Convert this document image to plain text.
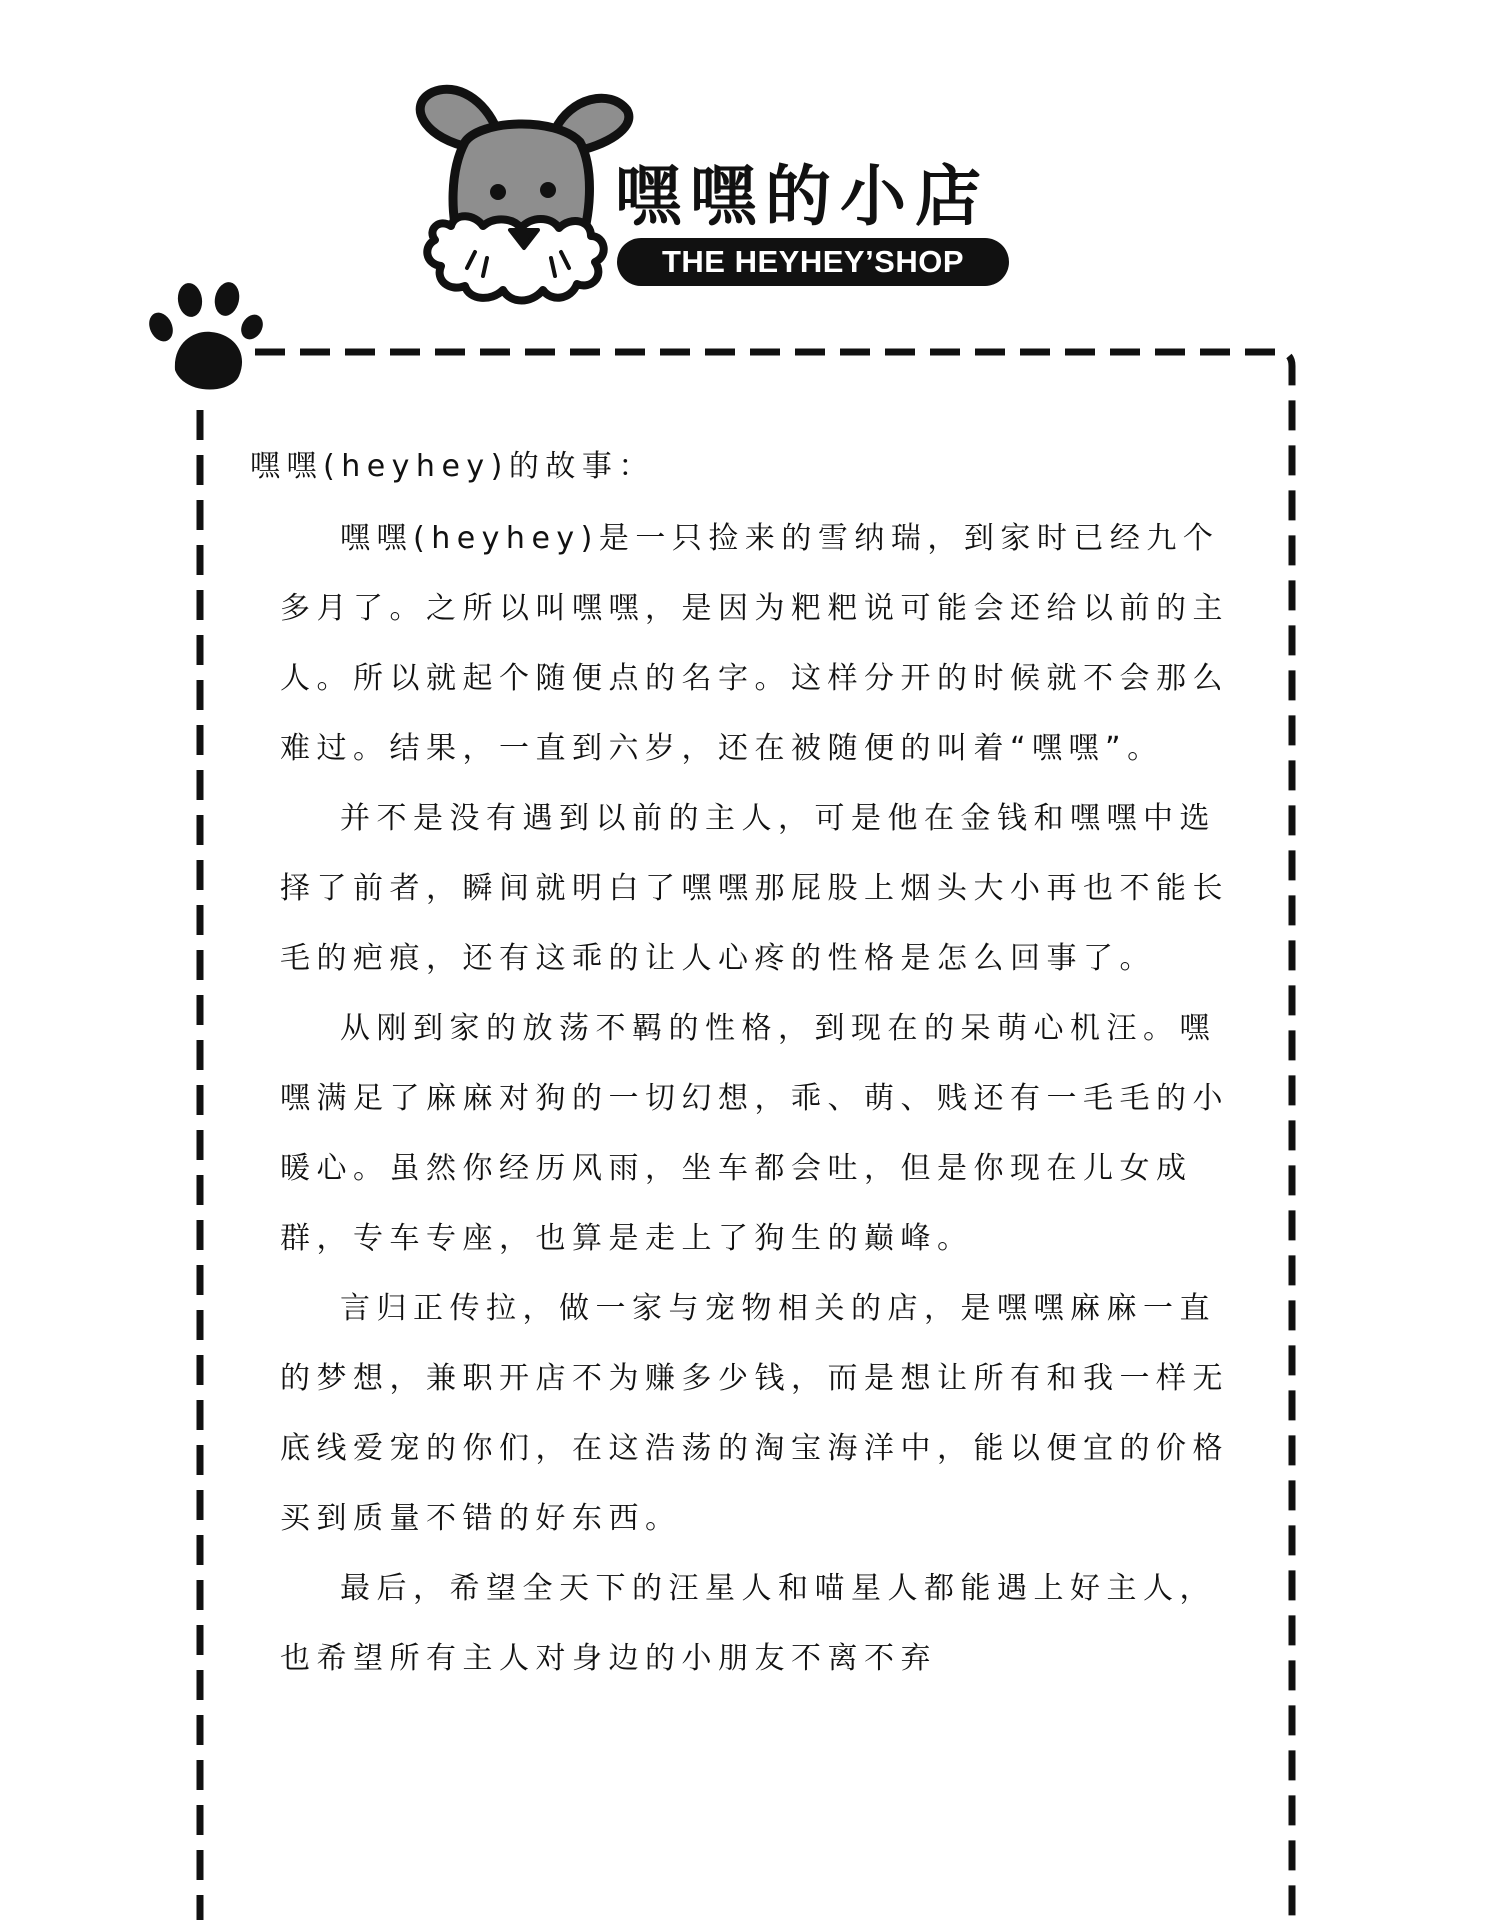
嘿嘿的小店
THE HEYHEY’SHOP
嘿嘿(heyhey)的故事：

嘿嘿(heyhey)是一只捡来的雪纳瑞，到家时已经九个多月了。之所以叫嘿嘿，是因为粑粑说可能会还给以前的主人。所以就起个随便点的名字。这样分开的时候就不会那么难过。结果，一直到六岁，还在被随便的叫着“嘿嘿”。

并不是没有遇到以前的主人，可是他在金钱和嘿嘿中选择了前者，瞬间就明白了嘿嘿那屁股上烟头大小再也不能长毛的疤痕，还有这乖的让人心疼的性格是怎么回事了。

从刚到家的放荡不羁的性格，到现在的呆萌心机汪。嘿嘿满足了麻麻对狗的一切幻想，乖、萌、贱还有一毛毛的小暖心。虽然你经历风雨，坐车都会吐，但是你现在儿女成群，专车专座，也算是走上了狗生的巅峰。

言归正传拉，做一家与宠物相关的店，是嘿嘿麻麻一直的梦想，兼职开店不为赚多少钱，而是想让所有和我一样无底线爱宠的你们，在这浩荡的淘宝海洋中，能以便宜的价格买到质量不错的好东西。

最后，希望全天下的汪星人和喵星人都能遇上好主人，也希望所有主人对身边的小朋友不离不弃
